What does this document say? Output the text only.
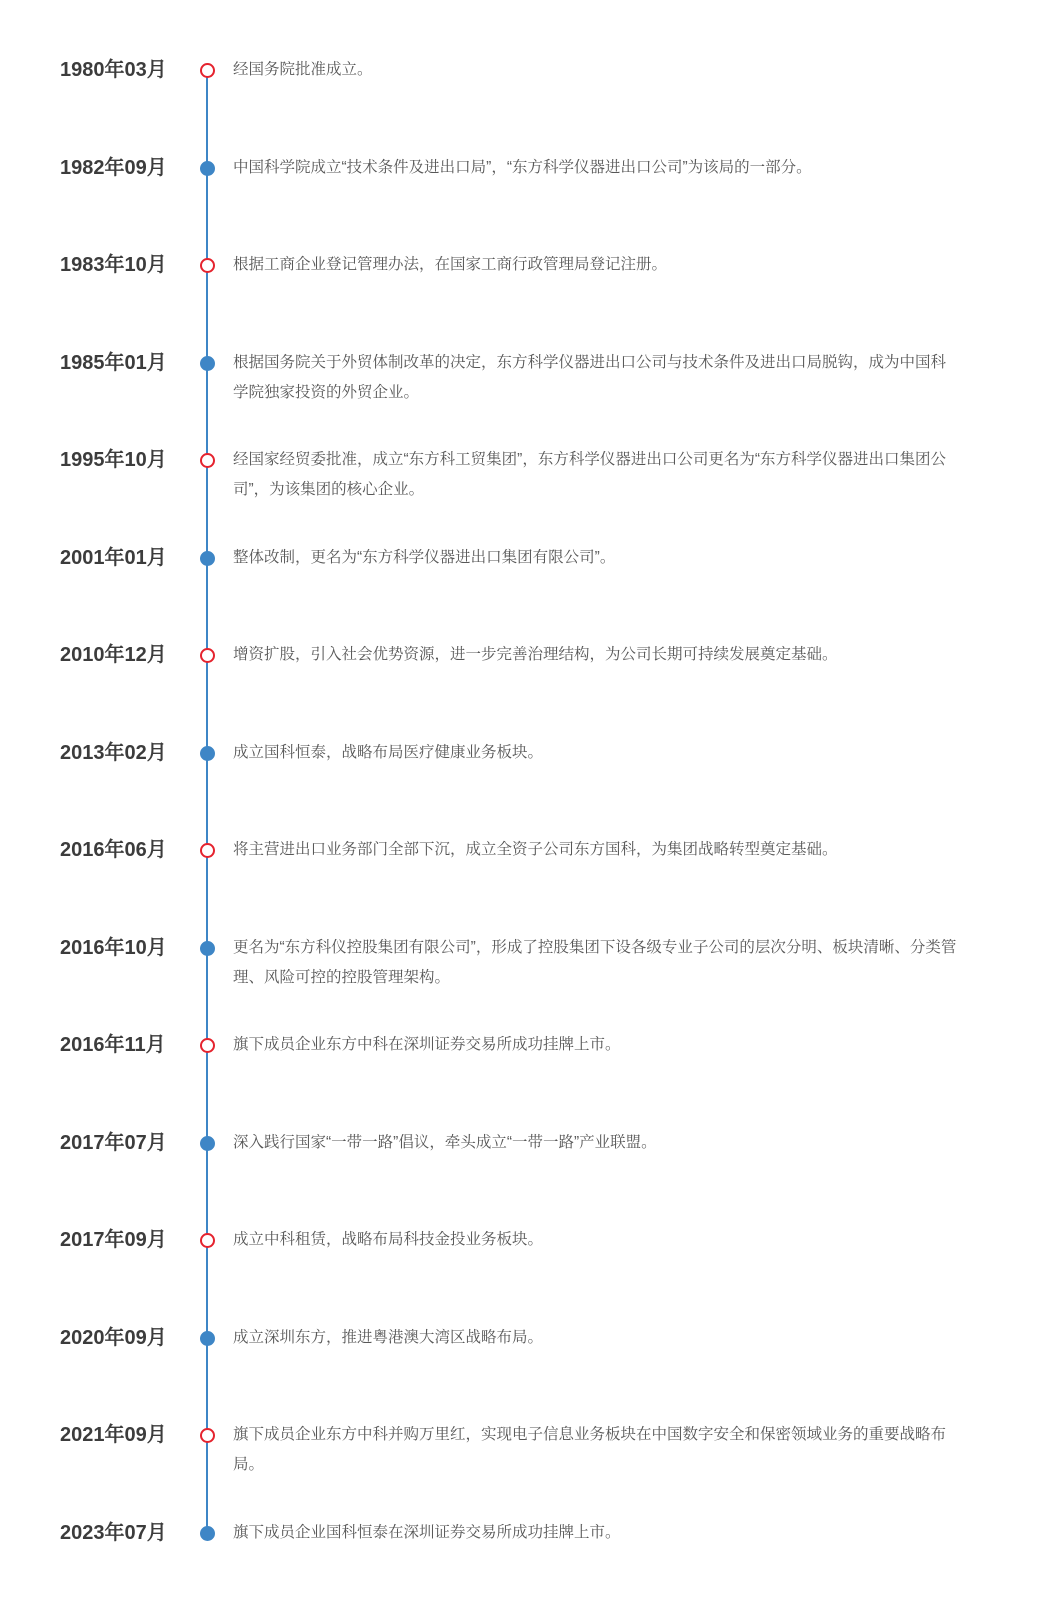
1980年03月	经国务院批准成立。
1982年09月	中国科学院成立“技术条件及进出口局”，“东方科学仪器进出口公司”为该局的一部分。
1983年10月	根据工商企业登记管理办法，在国家工商行政管理局登记注册。
1985年01月	根据国务院关于外贸体制改革的决定，东方科学仪器进出口公司与技术条件及进出口局脱钩，成为中国科学院独家投资的外贸企业。
1995年10月	经国家经贸委批准，成立“东方科工贸集团”，东方科学仪器进出口公司更名为“东方科学仪器进出口集团公司”，为该集团的核心企业。
2001年01月	整体改制，更名为“东方科学仪器进出口集团有限公司”。
2010年12月	增资扩股，引入社会优势资源，进一步完善治理结构，为公司长期可持续发展奠定基础。
2013年02月	成立国科恒泰，战略布局医疗健康业务板块。
2016年06月	将主营进出口业务部门全部下沉，成立全资子公司东方国科，为集团战略转型奠定基础。
2016年10月	更名为“东方科仪控股集团有限公司”，形成了控股集团下设各级专业子公司的层次分明、板块清晰、分类管理、风险可控的控股管理架构。
2016年11月	旗下成员企业东方中科在深圳证券交易所成功挂牌上市。
2017年07月	深入践行国家“一带一路”倡议，牵头成立“一带一路”产业联盟。
2017年09月	成立中科租赁，战略布局科技金投业务板块。
2020年09月	成立深圳东方，推进粤港澳大湾区战略布局。
2021年09月	旗下成员企业东方中科并购万里红，实现电子信息业务板块在中国数字安全和保密领域业务的重要战略布局。
2023年07月	旗下成员企业国科恒泰在深圳证券交易所成功挂牌上市。
